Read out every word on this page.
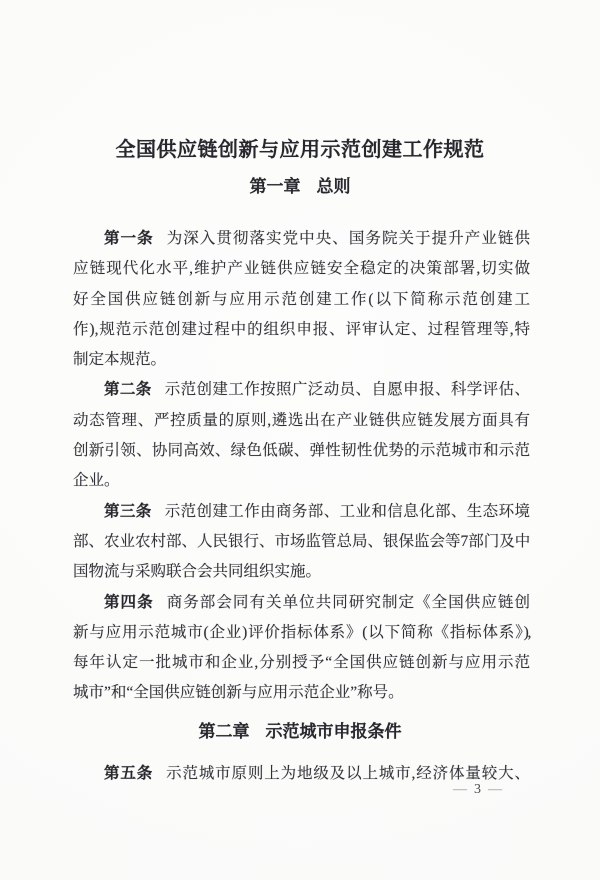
全国供应链创新与应用示范创建工作规范
第一章 总则

第一条 为深入贯彻落实党中央、国务院关于提升产业链供

应链现代化水平,维护产业链供应链安全稳定的决策部署,切实做

好全国供应链创新与应用示范创建工作(以下简称示范创建工

作),规范示范创建过程中的组织申报、评审认定、过程管理等,特

制定本规范。

第二条 示范创建工作按照广泛动员、自愿申报、科学评估、

动态管理、严控质量的原则,遴选出在产业链供应链发展方面具有

创新引领、协同高效、绿色低碳、弹性韧性优势的示范城市和示范

企业。

第三条 示范创建工作由商务部、工业和信息化部、生态环境

部、农业农村部、人民银行、市场监管总局、银保监会等7部门及中

国物流与采购联合会共同组织实施。

第四条 商务部会同有关单位共同研究制定《全国供应链创

新与应用示范城市(企业)评价指标体系》(以下简称《指标体系》),

每年认定一批城市和企业,分别授予“全国供应链创新与应用示范

城市”和“全国供应链创新与应用示范企业”称号。

第二章 示范城市申报条件

第五条 示范城市原则上为地级及以上城市,经济体量较大、

— 3 —
